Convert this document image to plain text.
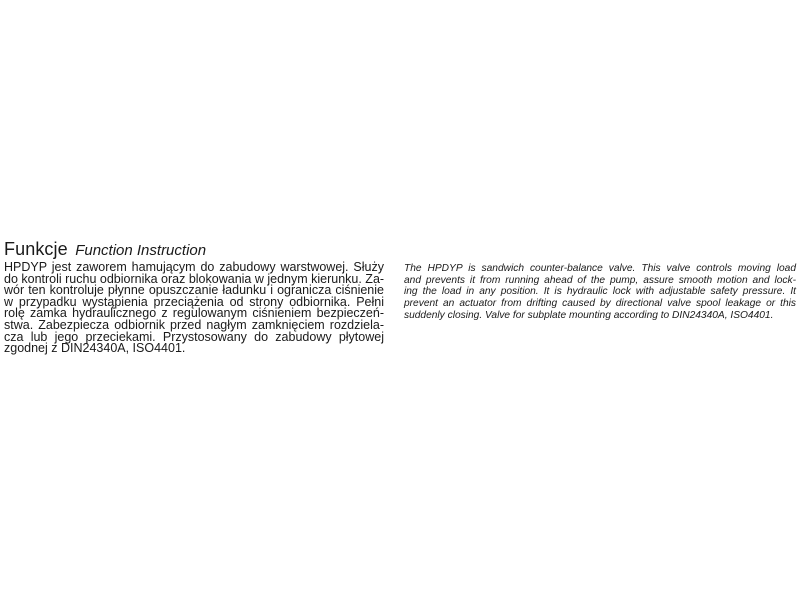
Funkcje Function Instruction
HPDYP jest zaworem hamującym do zabudowy warstwowej. Służy
do kontroli ruchu odbiornika oraz blokowania w jednym kierunku. Za-
wór ten kontroluje płynne opuszczanie ładunku i ogranicza ciśnienie
w przypadku wystąpienia przeciążenia od strony odbiornika. Pełni
rolę zamka hydraulicznego z regulowanym ciśnieniem bezpieczeń-
stwa. Zabezpiecza odbiornik przed nagłym zamknięciem rozdziela-
cza lub jego przeciekami. Przystosowany do zabudowy płytowej
zgodnej z DIN24340A, ISO4401.
The HPDYP is sandwich counter-balance valve. This valve controls moving load
and prevents it from running ahead of the pump, assure smooth motion and lock-
ing the load in any position. It is hydraulic lock with adjustable safety pressure. It
prevent an actuator from drifting caused by directional valve spool leakage or this
suddenly closing. Valve for subplate mounting according to DIN24340A, ISO4401.
